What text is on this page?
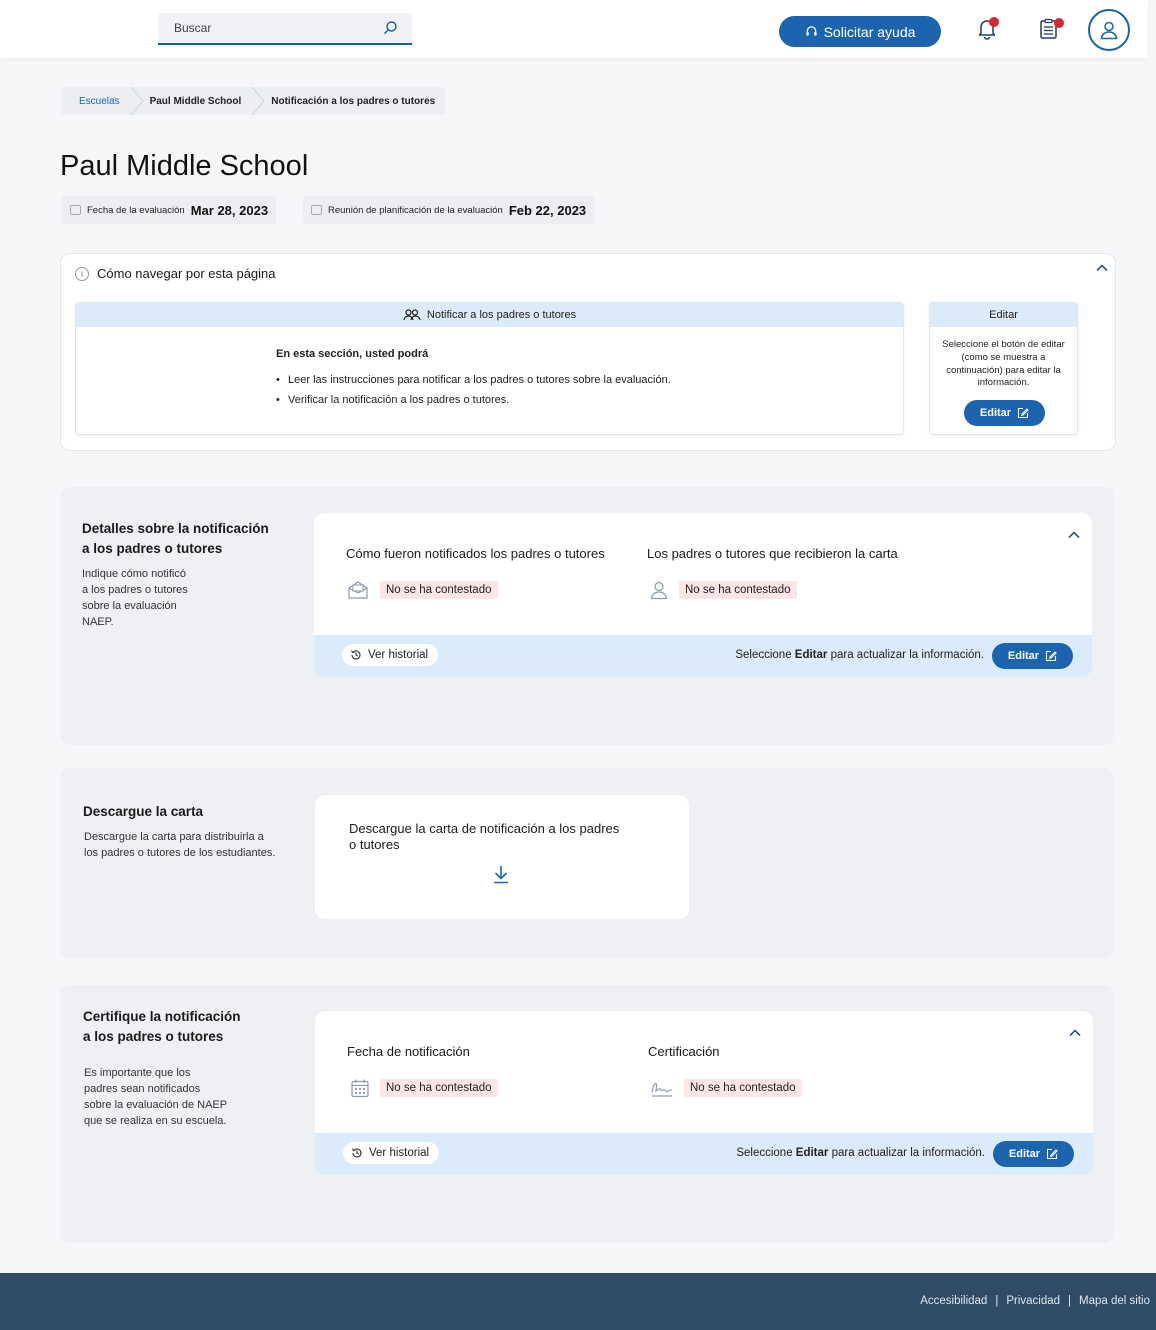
Buscar
Solicitar ayuda
Escuelas	Paul Middle School	Notificación a los padres o tutores
Paul Middle School
Fecha de la evaluación Mar 28, 2023	Reunión de planificación de la evaluación Feb 22, 2023
i	Cómo navegar por esta página
Notificar a los padres o tutores
En esta sección, usted podrá
• Leer las instrucciones para notificar a los padres o tutores sobre la evaluación.
• Verificar la notificación a los padres o tutores.
Editar
Seleccione el botón de editar (como se muestra a continuación) para editar la información.
Editar
Detalles sobre la notificación
a los padres o tutores
Indique cómo notificó
a los padres o tutores
sobre la evaluación
NAEP.
Cómo fueron notificados los padres o tutores
No se ha contestado
Los padres o tutores que recibieron la carta
No se ha contestado
Ver historial	Seleccione Editar para actualizar la información. Editar
Descargue la carta
Descargue la carta para distribuirla a
los padres o tutores de los estudiantes.
Descargue la carta de notificación a los padres
o tutores
Certifique la notificación
a los padres o tutores
Es importante que los
padres sean notificados
sobre la evaluación de NAEP
que se realiza en su escuela.
Fecha de notificación
No se ha contestado
Certificación
No se ha contestado
Ver historial	Seleccione Editar para actualizar la información. Editar
Accesibilidad | Privacidad | Mapa del sitio
